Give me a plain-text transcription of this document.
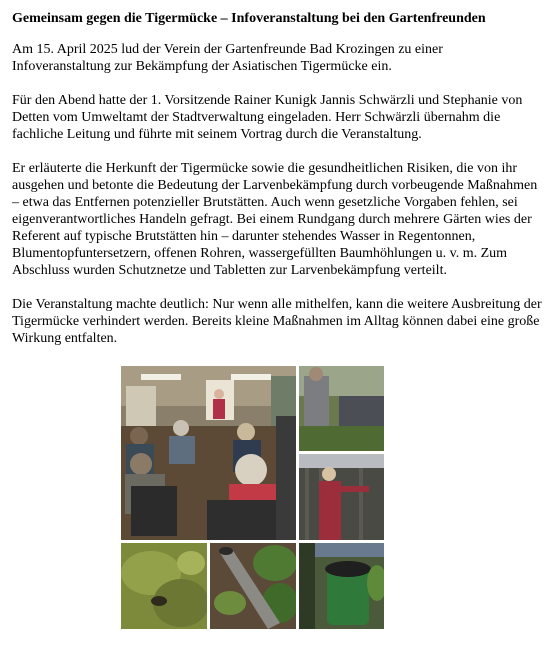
Gemeinsam gegen die Tigermücke – Infoveranstaltung bei den Gartenfreunden

Am 15. April 2025 lud der Verein der Gartenfreunde Bad Krozingen zu einer Infoveranstaltung zur Bekämpfung der Asiatischen Tigermücke ein.

Für den Abend hatte der 1. Vorsitzende Rainer Kunigk Jannis Schwärzli und Stephanie von Detten vom Umweltamt der Stadtverwaltung eingeladen. Herr Schwärzli übernahm die fachliche Leitung und führte mit seinem Vortrag durch die Veranstaltung.

Er erläuterte die Herkunft der Tigermücke sowie die gesundheitlichen Risiken, die von ihr ausgehen und betonte die Bedeutung der Larvenbekämpfung durch vorbeugende Maßnahmen – etwa das Entfernen potenzieller Brutstätten. Auch wenn gesetzliche Vorgaben fehlen, sei eigenverantwortliches Handeln gefragt. Bei einem Rundgang durch mehrere Gärten wies der Referent auf typische Brutstätten hin – darunter stehendes Wasser in Regentonnen, Blumentopfuntersetzern, offenen Rohren, wassergefüllten Baumhöhlungen u. v. m. Zum Abschluss wurden Schutznetze und Tabletten zur Larvenbekämpfung verteilt.

Die Veranstaltung machte deutlich: Nur wenn alle mithelfen, kann die weitere Ausbreitung der Tigermücke verhindert werden. Bereits kleine Maßnahmen im Alltag können dabei eine große Wirkung entfalten.
